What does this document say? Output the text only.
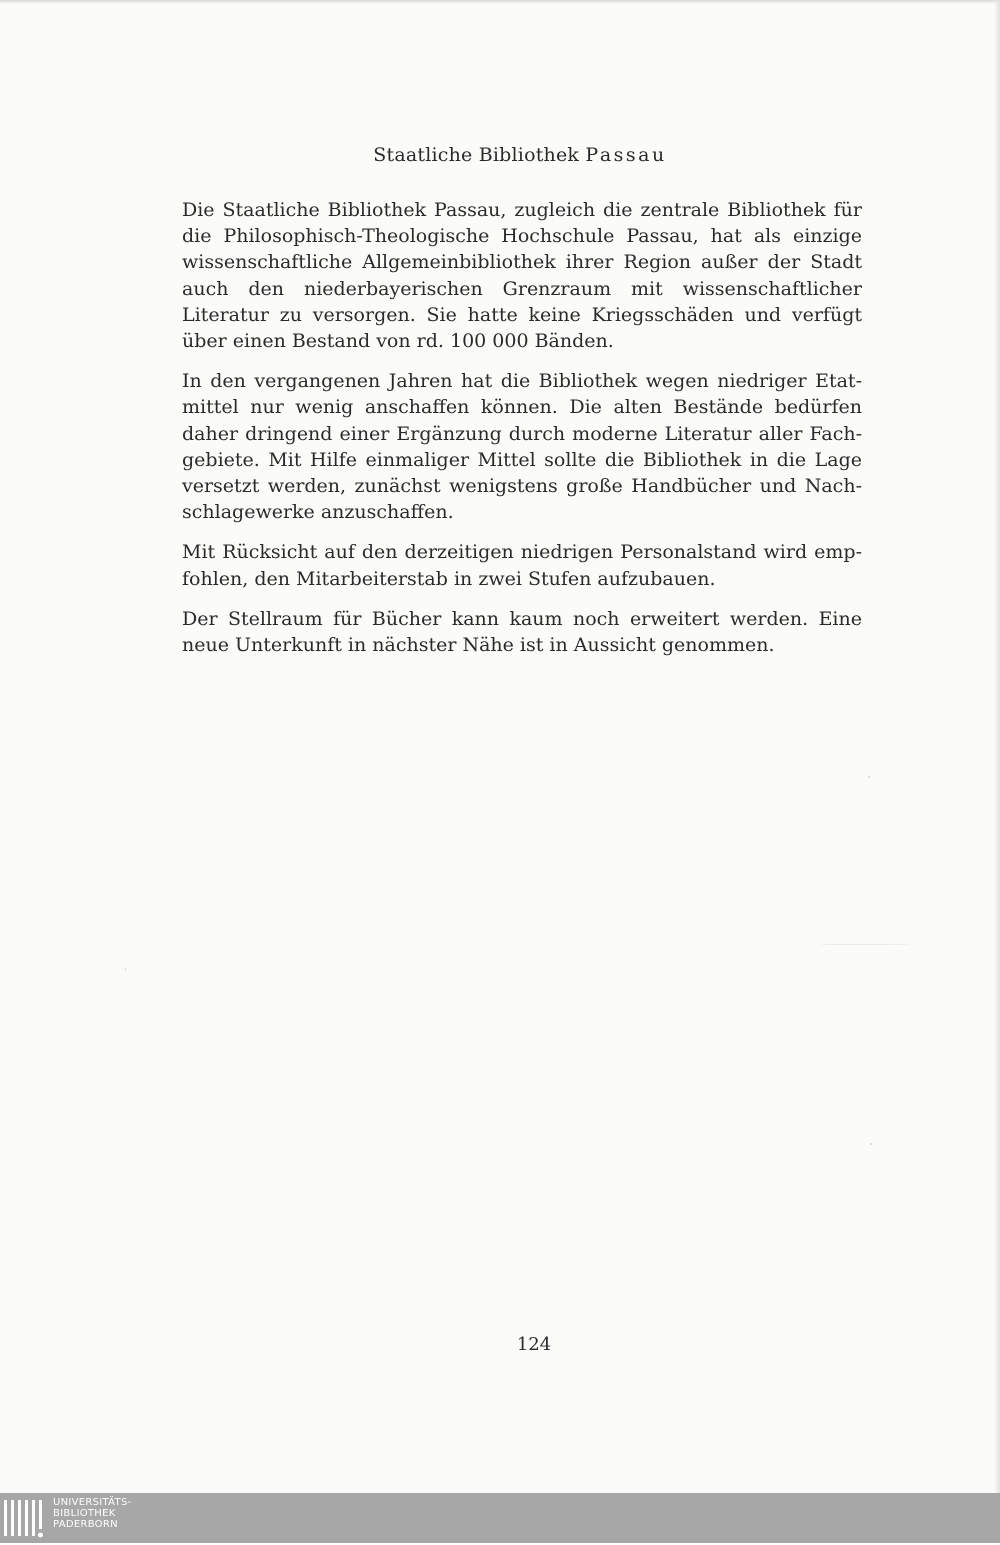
Staatliche Bibliothek Passau

Die Staatliche Bibliothek Passau, zugleich die zentrale Bibliothek für die Philosophisch-Theologische Hochschule Passau, hat als einzige wissenschaftliche Allgemeinbibliothek ihrer Region außer der Stadt auch den niederbayerischen Grenzraum mit wissenschaftlicher Literatur zu versorgen. Sie hatte keine Kriegsschäden und verfügt über einen Bestand von rd. 100 000 Bänden.

In den vergangenen Jahren hat die Bibliothek wegen niedriger Etatmittel nur wenig anschaffen können. Die alten Bestände bedürfen daher dringend einer Ergänzung durch moderne Literatur aller Fachgebiete. Mit Hilfe einmaliger Mittel sollte die Bibliothek in die Lage versetzt werden, zunächst wenigstens große Handbücher und Nachschlagewerke anzuschaffen.

Mit Rücksicht auf den derzeitigen niedrigen Personalstand wird empfohlen, den Mitarbeiterstab in zwei Stufen aufzubauen.

Der Stellraum für Bücher kann kaum noch erweitert werden. Eine neue Unterkunft in nächster Nähe ist in Aussicht genommen.

124
UNIVERSITÄTS-
BIBLIOTHEK
PADERBORN
